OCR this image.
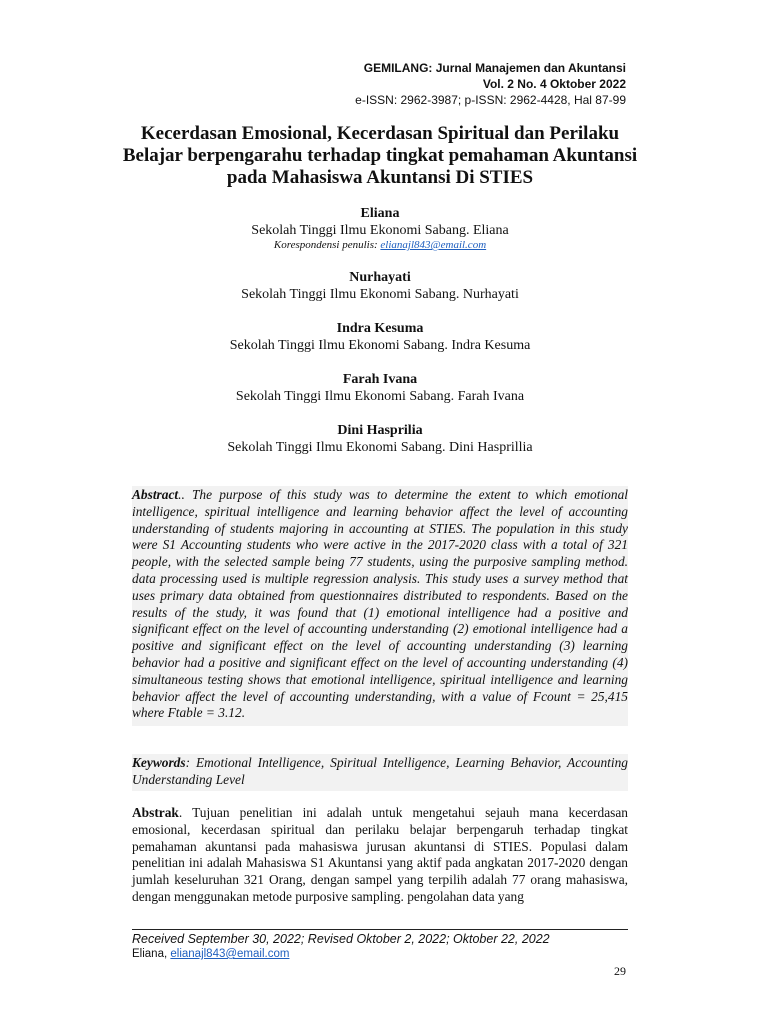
GEMILANG: Jurnal Manajemen dan Akuntansi
Vol. 2 No. 4 Oktober 2022
e-ISSN: 2962-3987; p-ISSN: 2962-4428, Hal 87-99
Kecerdasan Emosional, Kecerdasan Spiritual dan Perilaku Belajar berpengarahu terhadap tingkat pemahaman Akuntansi pada Mahasiswa Akuntansi Di STIES
Eliana
Sekolah Tinggi Ilmu Ekonomi Sabang. Eliana
Korespondensi penulis: elianajl843@email.com
Nurhayati
Sekolah Tinggi Ilmu Ekonomi Sabang. Nurhayati
Indra Kesuma
Sekolah Tinggi Ilmu Ekonomi Sabang. Indra Kesuma
Farah Ivana
Sekolah Tinggi Ilmu Ekonomi Sabang. Farah Ivana
Dini Hasprilia
Sekolah Tinggi Ilmu Ekonomi Sabang. Dini Hasprillia
Abstract.. The purpose of this study was to determine the extent to which emotional intelligence, spiritual intelligence and learning behavior affect the level of accounting understanding of students majoring in accounting at STIES. The population in this study were S1 Accounting students who were active in the 2017-2020 class with a total of 321 people, with the selected sample being 77 students, using the purposive sampling method. data processing used is multiple regression analysis. This study uses a survey method that uses primary data obtained from questionnaires distributed to respondents. Based on the results of the study, it was found that (1) emotional intelligence had a positive and significant effect on the level of accounting understanding (2) emotional intelligence had a positive and significant effect on the level of accounting understanding (3) learning behavior had a positive and significant effect on the level of accounting understanding (4) simultaneous testing shows that emotional intelligence, spiritual intelligence and learning behavior affect the level of accounting understanding, with a value of Fcount = 25,415 where Ftable = 3.12.
Keywords: Emotional Intelligence, Spiritual Intelligence, Learning Behavior, Accounting Understanding Level
Abstrak. Tujuan penelitian ini adalah untuk mengetahui sejauh mana kecerdasan emosional, kecerdasan spiritual dan perilaku belajar berpengaruh terhadap tingkat pemahaman akuntansi pada mahasiswa jurusan akuntansi di STIES. Populasi dalam penelitian ini adalah Mahasiswa S1 Akuntansi yang aktif pada angkatan 2017-2020 dengan jumlah keseluruhan 321 Orang, dengan sampel yang terpilih adalah 77 orang mahasiswa, dengan menggunakan metode purposive sampling. pengolahan data yang
Received September 30, 2022; Revised Oktober 2, 2022; Oktober 22, 2022
Eliana, elianajl843@email.com
29
